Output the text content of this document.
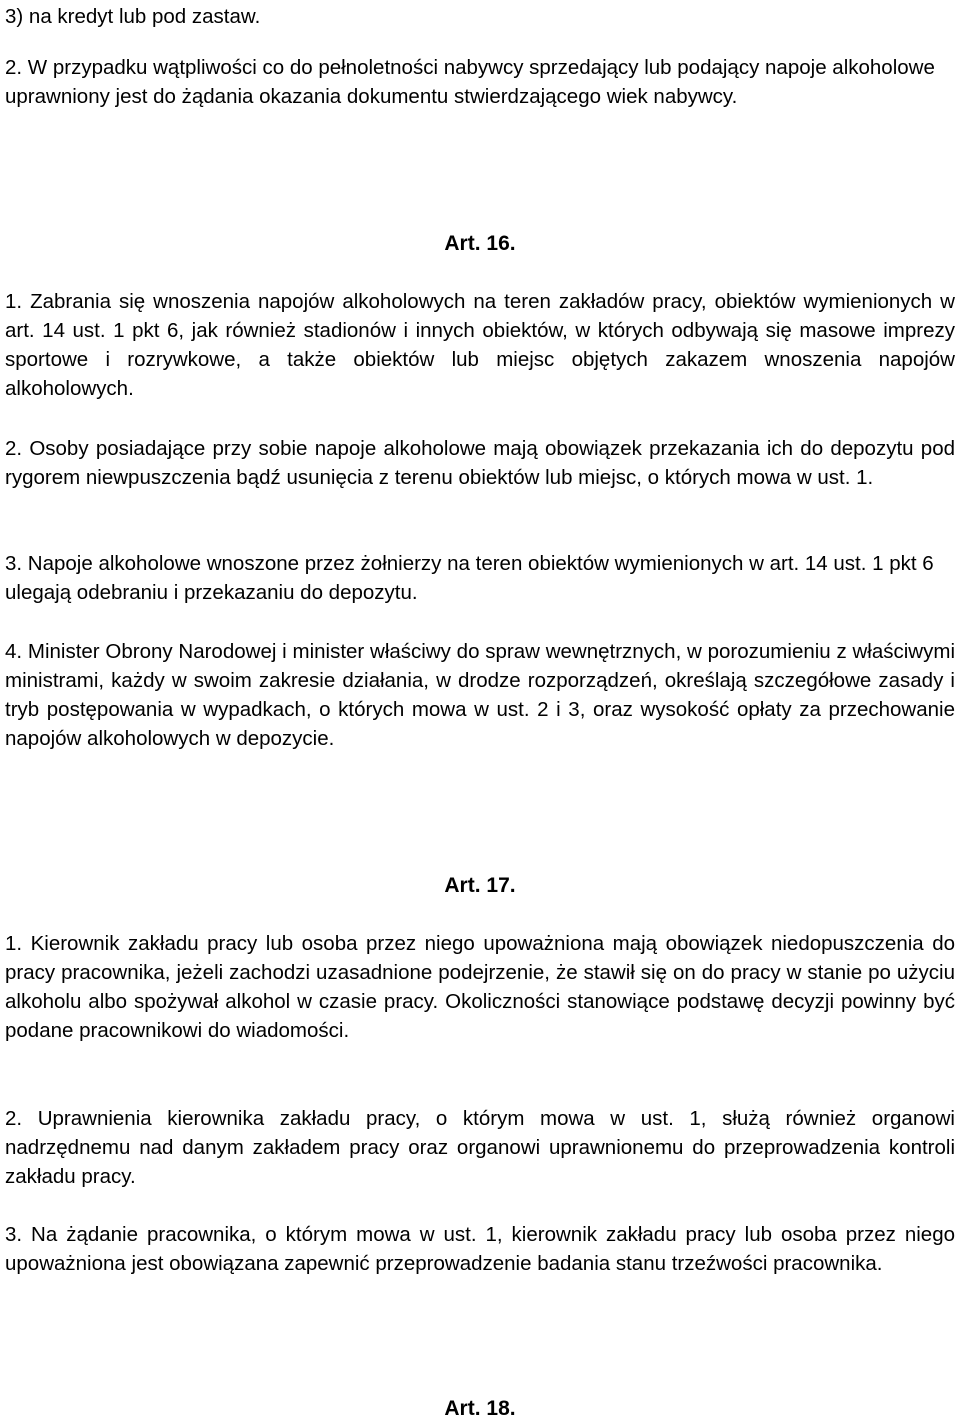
3) na kredyt lub pod zastaw.

2. W przypadku wątpliwości co do pełnoletności nabywcy sprzedający lub podający napoje alkoholowe uprawniony jest do żądania okazania dokumentu stwierdzającego wiek nabywcy.

Art. 16.

1. Zabrania się wnoszenia napojów alkoholowych na teren zakładów pracy, obiektów wymienionych w art. 14 ust. 1 pkt 6, jak również stadionów i innych obiektów, w których odbywają się masowe imprezy sportowe i rozrywkowe, a także obiektów lub miejsc objętych zakazem wnoszenia napojów alkoholowych.

2. Osoby posiadające przy sobie napoje alkoholowe mają obowiązek przekazania ich do depozytu pod rygorem niewpuszczenia bądź usunięcia z terenu obiektów lub miejsc, o których mowa w ust. 1.

3. Napoje alkoholowe wnoszone przez żołnierzy na teren obiektów wymienionych w art. 14 ust. 1 pkt 6 ulegają odebraniu i przekazaniu do depozytu.

4. Minister Obrony Narodowej i minister właściwy do spraw wewnętrznych, w porozumieniu z właściwymi ministrami, każdy w swoim zakresie działania, w drodze rozporządzeń, określają szczegółowe zasady i tryb postępowania w wypadkach, o których mowa w ust. 2 i 3, oraz wysokość opłaty za przechowanie napojów alkoholowych w depozycie.

Art. 17.

1. Kierownik zakładu pracy lub osoba przez niego upoważniona mają obowiązek niedopuszczenia do pracy pracownika, jeżeli zachodzi uzasadnione podejrzenie, że stawił się on do pracy w stanie po użyciu alkoholu albo spożywał alkohol w czasie pracy. Okoliczności stanowiące podstawę decyzji powinny być podane pracownikowi do wiadomości.

2. Uprawnienia kierownika zakładu pracy, o którym mowa w ust. 1, służą również organowi nadrzędnemu nad danym zakładem pracy oraz organowi uprawnionemu do przeprowadzenia kontroli zakładu pracy.

3. Na żądanie pracownika, o którym mowa w ust. 1, kierownik zakładu pracy lub osoba przez niego upoważniona jest obowiązana zapewnić przeprowadzenie badania stanu trzeźwości pracownika.

Art. 18.
